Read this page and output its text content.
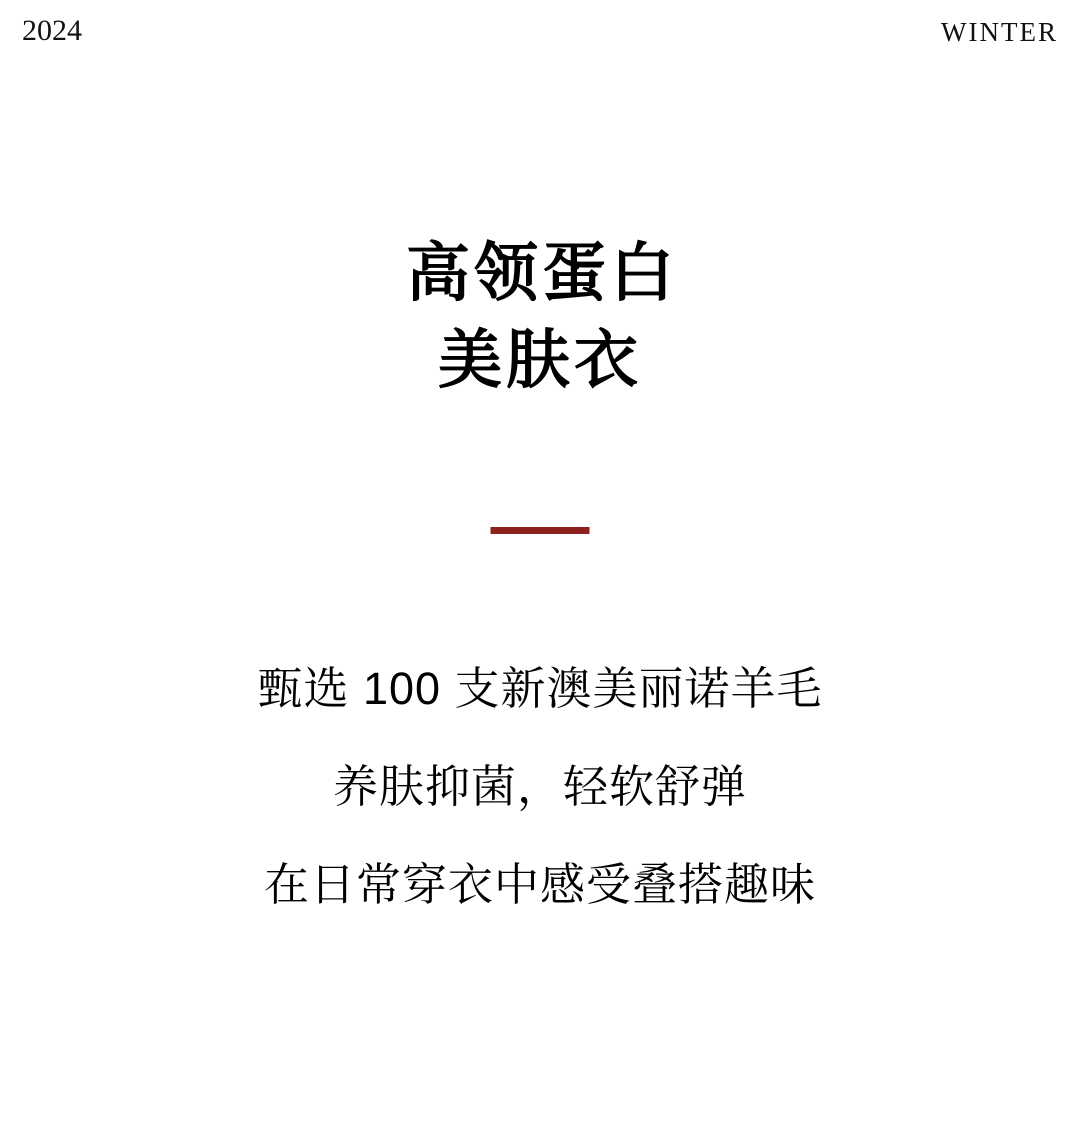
2024	WINTER
高领蛋白
美肤衣
甄选 100 支新澳美丽诺羊毛
养肤抑菌，轻软舒弹
在日常穿衣中感受叠搭趣味
